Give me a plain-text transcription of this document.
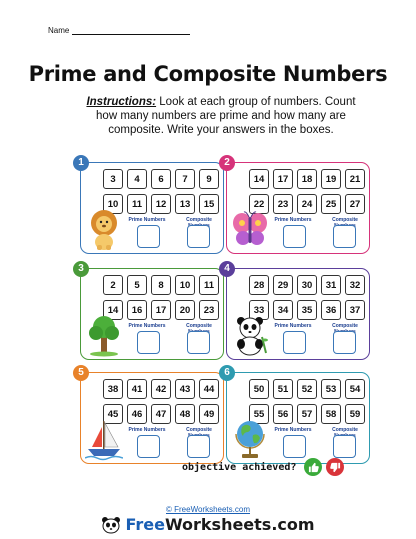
Name
Prime and Composite Numbers
Instructions: Look at each group of numbers. Count how many numbers are prime and how many are composite. Write your answers in the boxes.
1
3	4	6	7	9
10	11	12	13	15
Prime Numbers	Composite
2
14	17	18	19	21
22	23	24	25	27
Prime Numbers	Composite
3
2	5	8	10	11
14	16	17	20	23
Prime Numbers	Composite
4
28	29	30	31	32
33	34	35	36	37
Prime Numbers	Composite
5
38	41	42	43	44
45	46	47	48	49
Prime Numbers	Composite
6
50	51	52	53	54
55	56	57	58	59
Prime Numbers	Composite
objective achieved?
© FreeWorksheets.com
FreeWorksheets.com
